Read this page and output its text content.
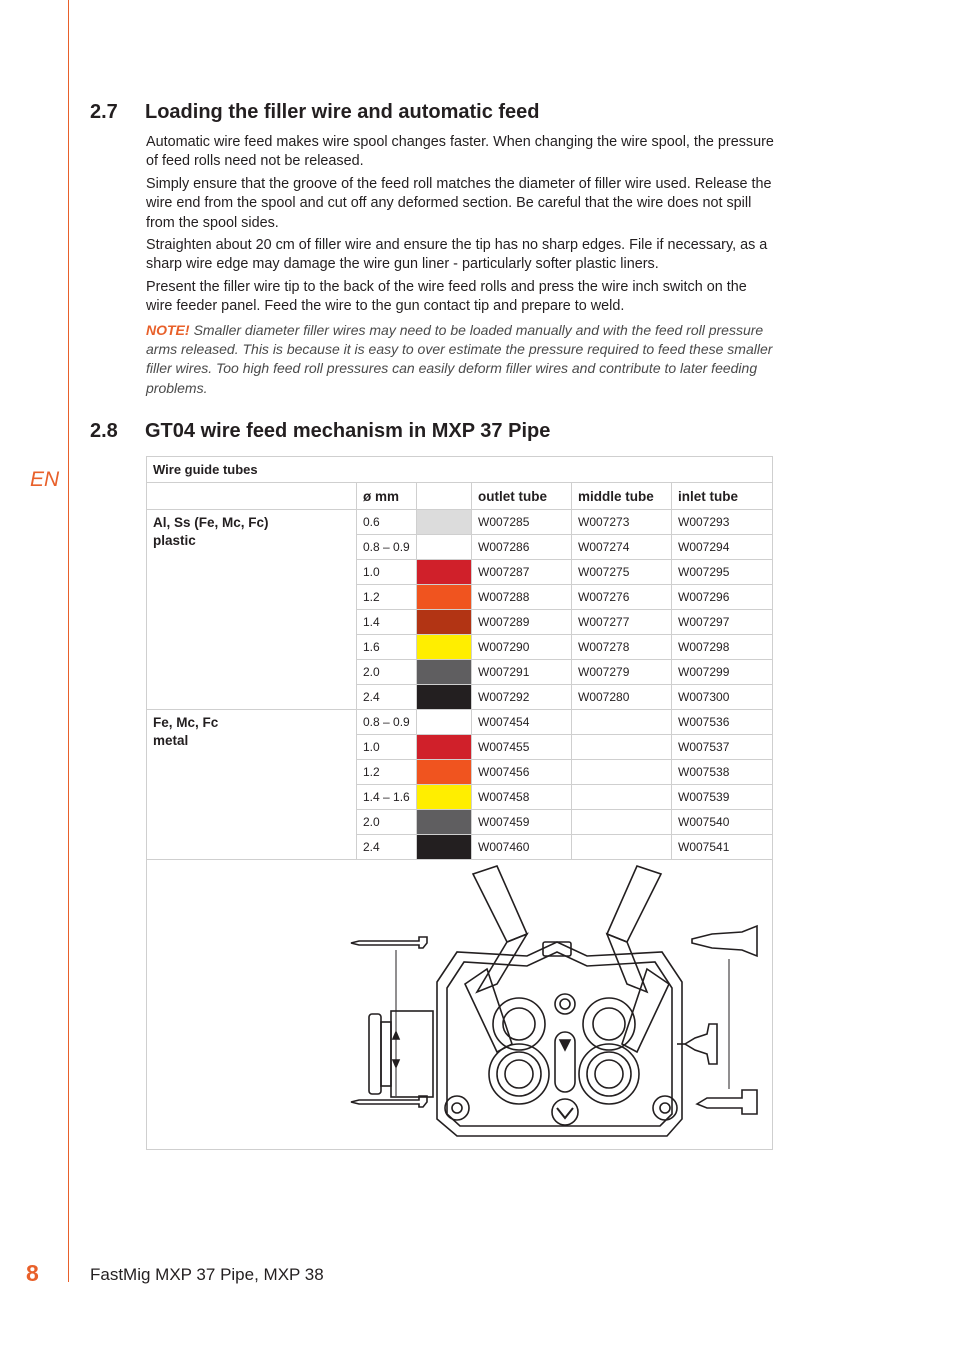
EN
2.7 Loading the filler wire and automatic feed

Automatic wire feed makes wire spool changes faster. When changing the wire spool, the pressure of feed rolls need not be released.

Simply ensure that the groove of the feed roll matches the diameter of filler wire used. Release the wire end from the spool and cut off any deformed section. Be careful that the wire does not spill from the spool sides.

Straighten about 20 cm of filler wire and ensure the tip has no sharp edges. File if necessary, as a sharp wire edge may damage the wire gun liner - particularly softer plastic liners.

Present the filler wire tip to the back of the wire feed rolls and press the wire inch switch on the wire feeder panel. Feed the wire to the gun contact tip and prepare to weld.

NOTE! Smaller diameter filler wires may need to be loaded manually and with the feed roll pressure arms released. This is because it is easy to over estimate the pressure required to feed these smaller filler wires. Too high feed roll pressures can easily deform filler wires and contribute to later feeding problems.

2.8 GT04 wire feed mechanism in MXP 37 Pipe
Wire guide tubes					
	ø mm		outlet tube	middle tube	inlet tube

Al, Ss (Fe, Mc, Fc)
plastic	0.6		W007285	W007273	W007293
	0.8 – 0.9		W007286	W007274	W007294
	1.0		W007287	W007275	W007295
	1.2		W007288	W007276	W007296
	1.4		W007289	W007277	W007297
	1.6		W007290	W007278	W007298
	2.0		W007291	W007279	W007299
	2.4		W007292	W007280	W007300

Fe, Mc, Fc
metal	0.8 – 0.9		W007454		W007536
	1.0		W007455		W007537
	1.2		W007456		W007538
	1.4 – 1.6		W007458		W007539
	2.0		W007459		W007540
	2.4		W007460		W007541

8	FastMig MXP 37 Pipe, MXP 38
